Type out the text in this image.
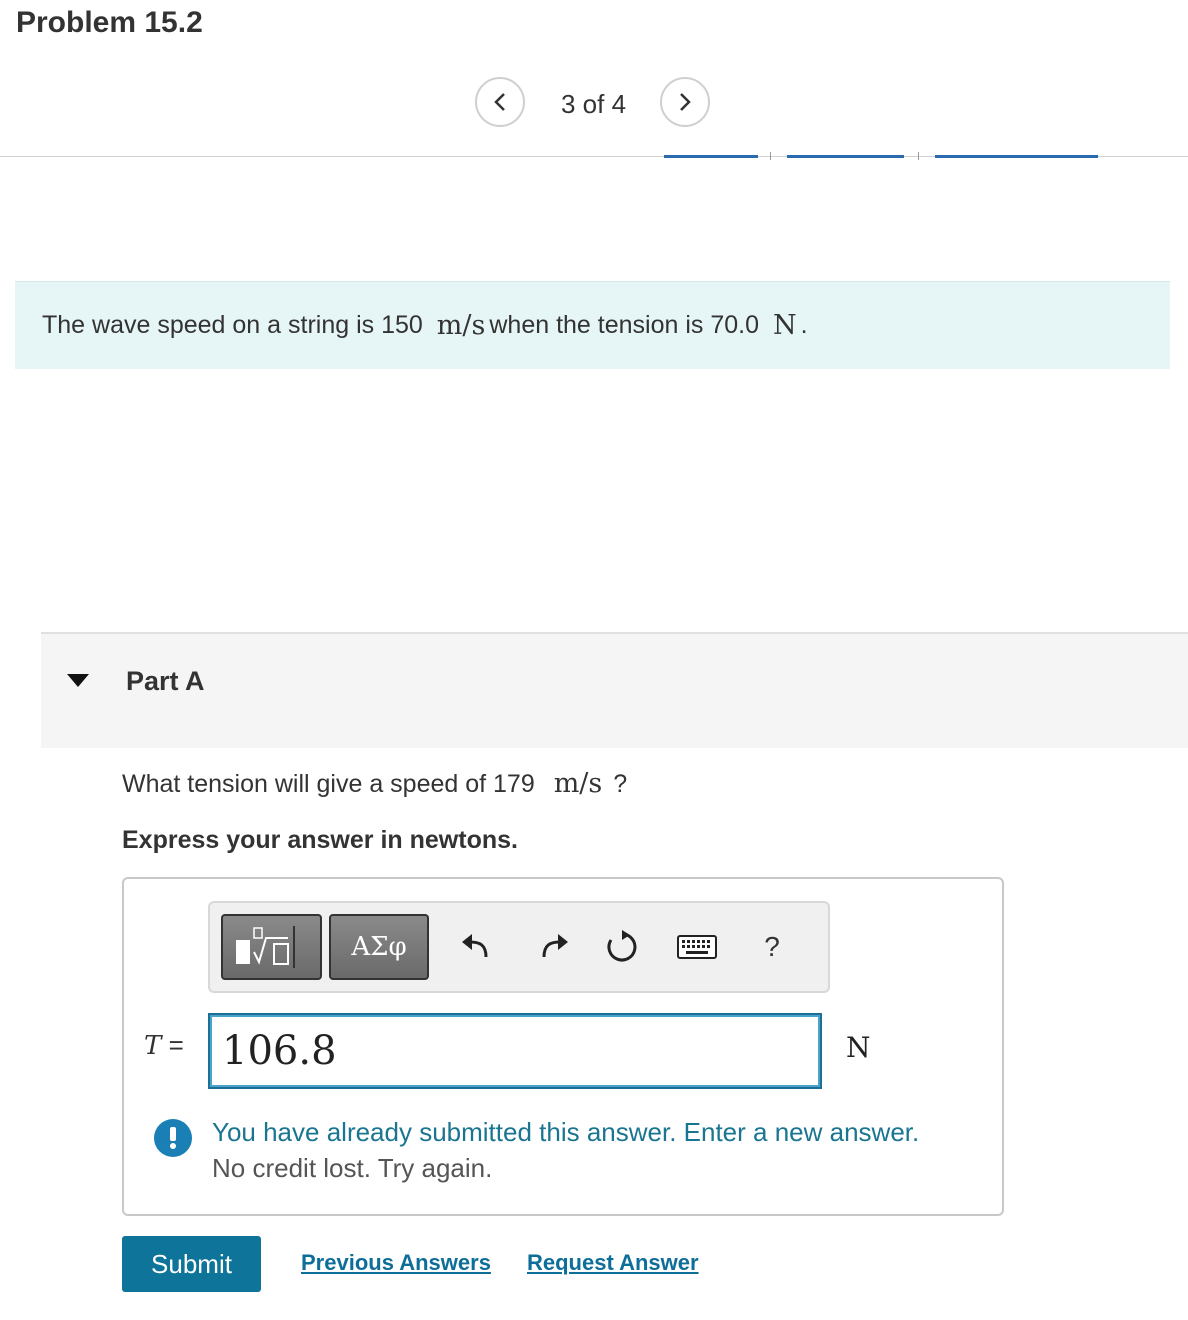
Problem 15.2
3 of 4
The wave speed on a string is 150 m/s when the tension is 70.0 N .
Part A
What tension will give a speed of 179 m/s ?
Express your answer in newtons.
ΑΣφ	?
T =
106.8	N
You have already submitted this answer. Enter a new answer.
No credit lost. Try again.
Submit	Previous Answers Request Answer
